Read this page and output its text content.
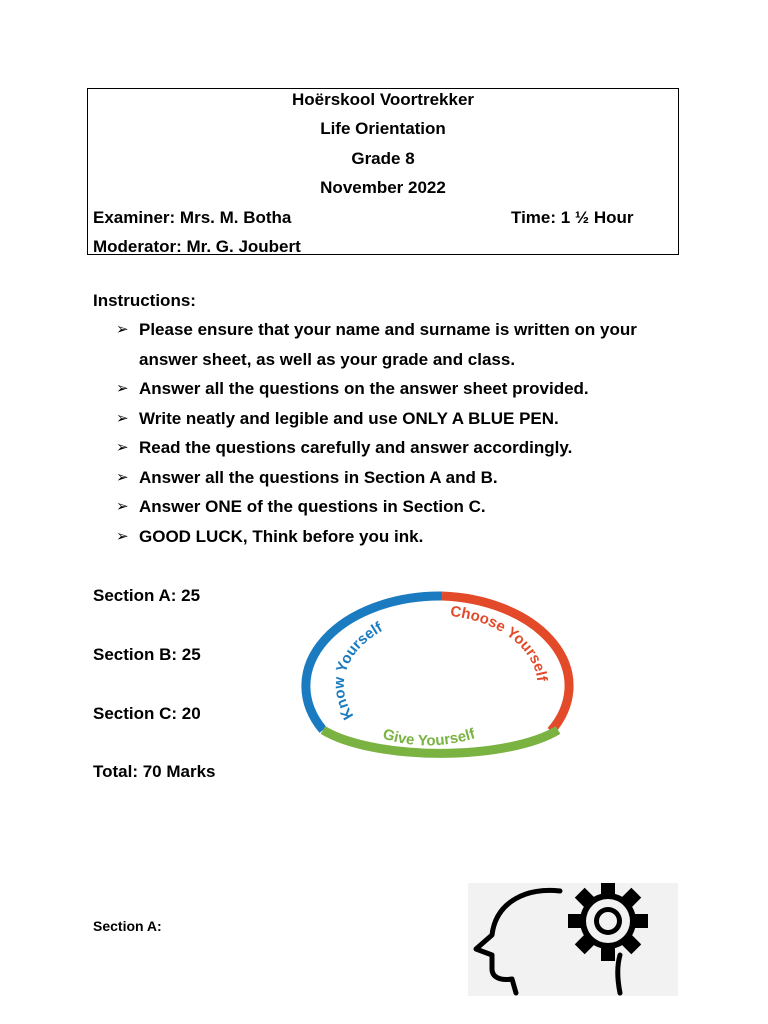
Hoërskool Voortrekker
Life Orientation
Grade 8
November 2022
Examiner: Mrs. M. Botha	Time: 1 ½ Hour
Moderator: Mr. G. Joubert
Instructions:
➢ Please ensure that your name and surname is written on your
answer sheet, as well as your grade and class.
➢ Answer all the questions on the answer sheet provided.
➢ Write neatly and legible and use ONLY A BLUE PEN.
➢ Read the questions carefully and answer accordingly.
➢ Answer all the questions in Section A and B.
➢ Answer ONE of the questions in Section C.
➢ GOOD LUCK, Think before you ink.
Section A: 25
Section B: 25
Section C: 20
Total: 70 Marks
Know Yourself
Choose Yourself
Give Yourself
Section A:
